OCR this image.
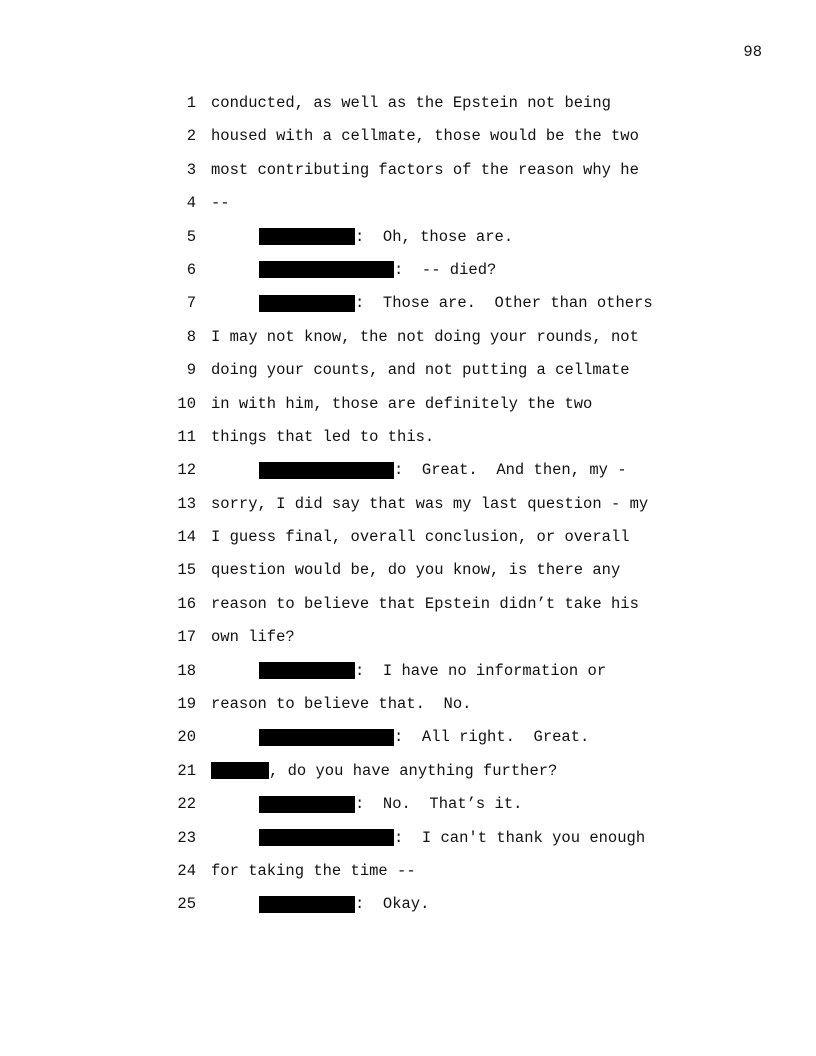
98
1 conducted, as well as the Epstein not being
2 housed with a cellmate, those would be the two
3 most contributing factors of the reason why he
4 --
5	:  Oh, those are.
6	:  -- died?
7	:  Those are.  Other than others
8 I may not know, the not doing your rounds, not
9 doing your counts, and not putting a cellmate
10 in with him, those are definitely the two
11 things that led to this.
12	:  Great.  And then, my -
13 sorry, I did say that was my last question - my
14 I guess final, overall conclusion, or overall
15 question would be, do you know, is there any
16 reason to believe that Epstein didn’t take his
17 own life?
18	:  I have no information or
19 reason to believe that.  No.
20	:  All right.  Great.
21	, do you have anything further?
22	:  No.  That’s it.
23	:  I can't thank you enough
24 for taking the time --
25	:  Okay.
